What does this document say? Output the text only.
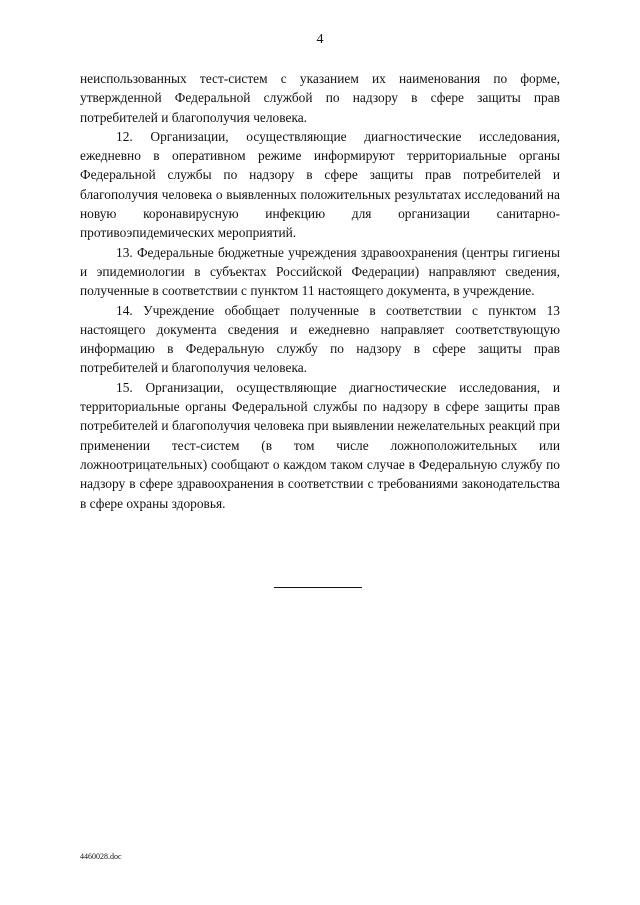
4

неиспользованных тест-систем с указанием их наименования по форме, утвержденной Федеральной службой по надзору в сфере защиты прав потребителей и благополучия человека.

12. Организации, осуществляющие диагностические исследования, ежедневно в оперативном режиме информируют территориальные органы Федеральной службы по надзору в сфере защиты прав потребителей и благополучия человека о выявленных положительных результатах исследований на новую коронавирусную инфекцию для организации санитарно-противоэпидемических мероприятий.

13. Федеральные бюджетные учреждения здравоохранения (центры гигиены и эпидемиологии в субъектах Российской Федерации) направляют сведения, полученные в соответствии с пунктом 11 настоящего документа, в учреждение.

14. Учреждение обобщает полученные в соответствии с пунктом 13 настоящего документа сведения и ежедневно направляет соответствующую информацию в Федеральную службу по надзору в сфере защиты прав потребителей и благополучия человека.

15. Организации, осуществляющие диагностические исследования, и территориальные органы Федеральной службы по надзору в сфере защиты прав потребителей и благополучия человека при выявлении нежелательных реакций при применении тест-систем (в том числе ложноположительных или ложноотрицательных) сообщают о каждом таком случае в Федеральную службу по надзору в сфере здравоохранения в соответствии с требованиями законодательства в сфере охраны здоровья.

4460028.doc
